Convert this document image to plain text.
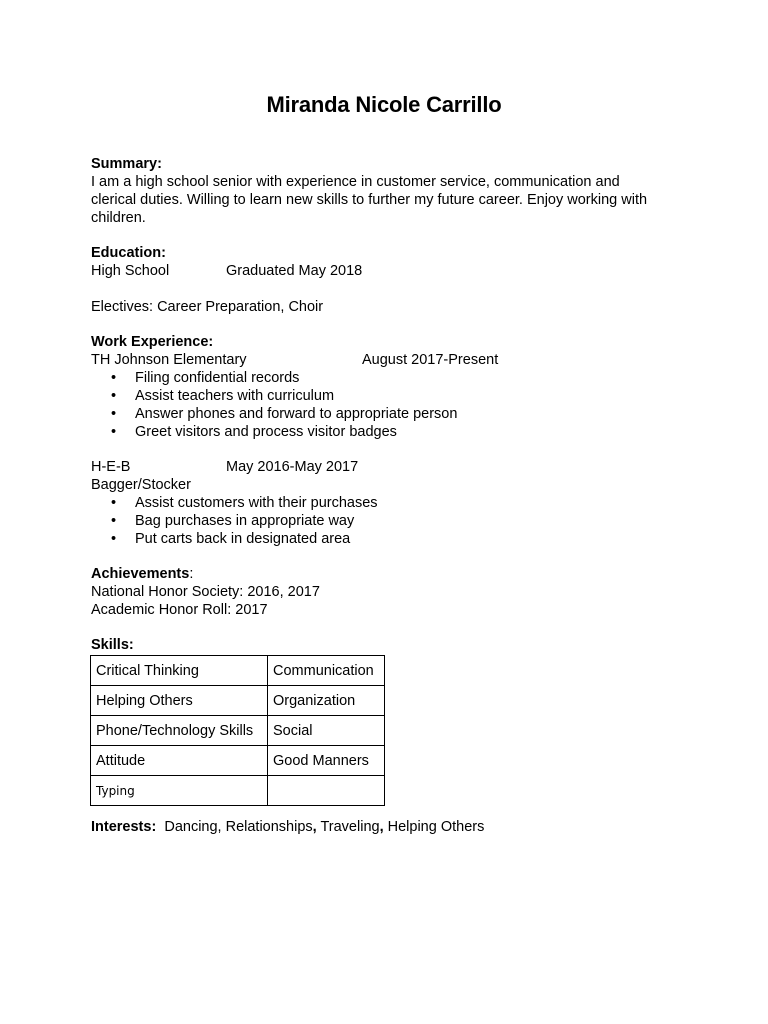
Miranda Nicole Carrillo
Summary:
I am a high school senior with experience in customer service, communication and
clerical duties. Willing to learn new skills to further my future career. Enjoy working with
children.
Education:
High School	Graduated May 2018
Electives: Career Preparation, Choir
Work Experience:
TH Johnson Elementary	August 2017-Present
•	Filing confidential records
•	Assist teachers with curriculum
•	Answer phones and forward to appropriate person
•	Greet visitors and process visitor badges
H-E-B	May 2016-May 2017
Bagger/Stocker
•	Assist customers with their purchases
•	Bag purchases in appropriate way
•	Put carts back in designated area
Achievements:
National Honor Society: 2016, 2017
Academic Honor Roll: 2017
Skills:
Critical Thinking	Communication
Helping Others	Organization
Phone/Technology Skills	Social
Attitude	Good Manners
Typing	
Interests: Dancing, Relationships, Traveling, Helping Others
